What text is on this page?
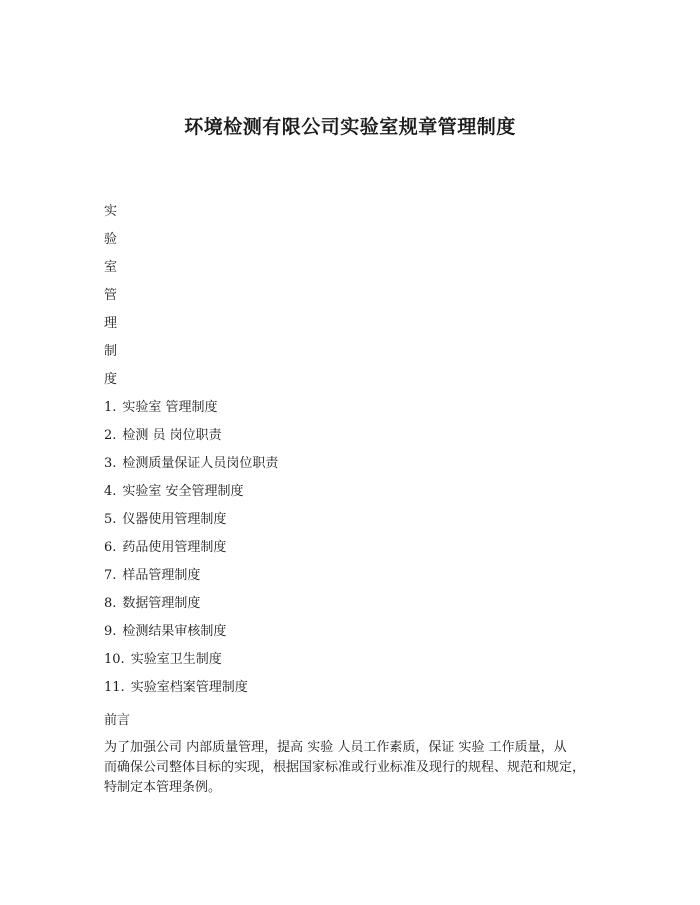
环境检测有限公司实验室规章管理制度
实
验
室
管
理
制
度
1. 实验室 管理制度
2. 检测 员 岗位职责
3. 检测质量保证人员岗位职责
4. 实验室 安全管理制度
5. 仪器使用管理制度
6. 药品使用管理制度
7. 样品管理制度
8. 数据管理制度
9. 检测结果审核制度
10. 实验室卫生制度
11. 实验室档案管理制度
前言

为了加强公司 内部质量管理，提高 实验 人员工作素质，保证 实验 工作质量，从
而确保公司整体目标的实现，根据国家标准或行业标准及现行的规程、规范和规定，
特制定本管理条例。
